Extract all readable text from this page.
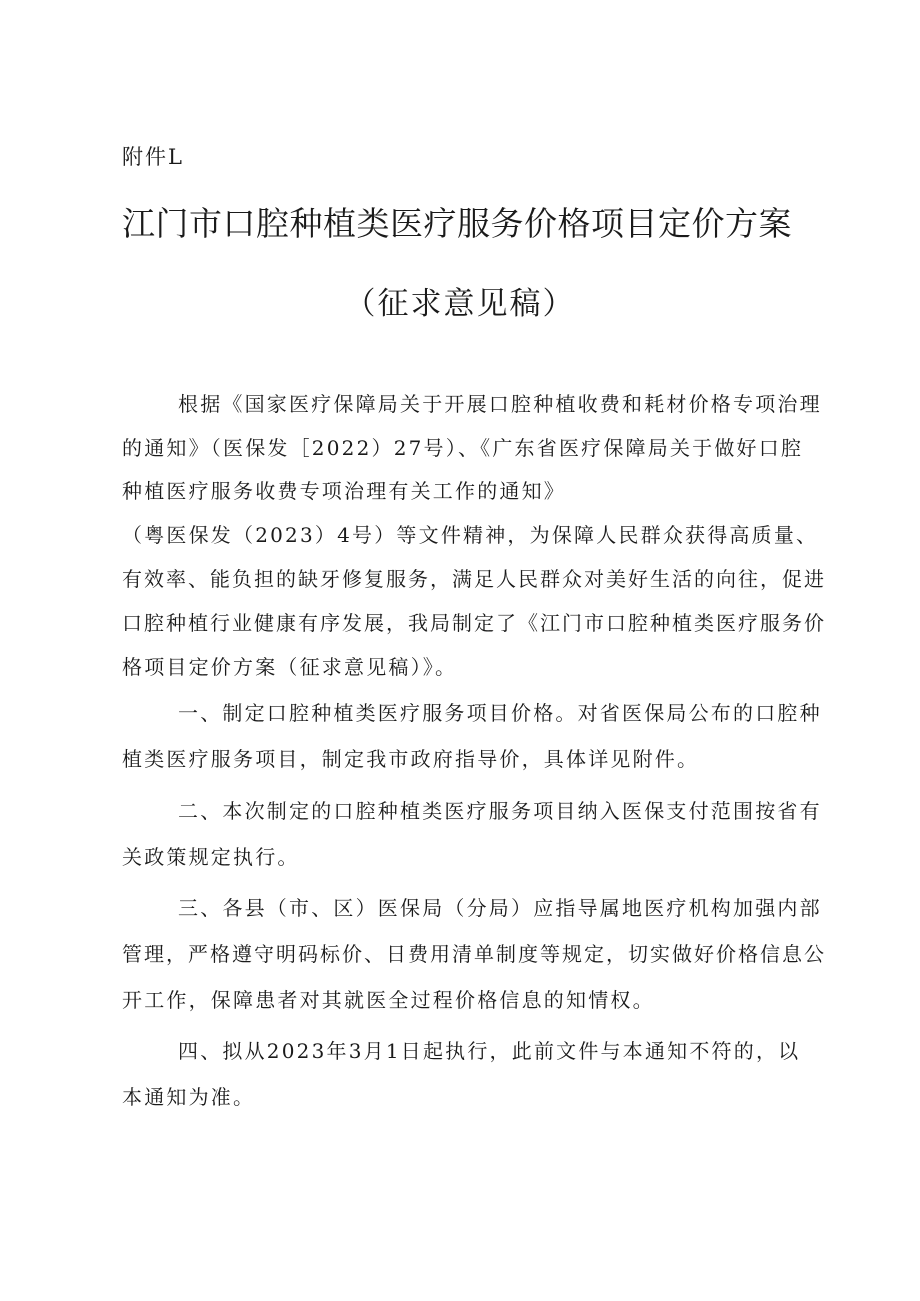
附件L
江门市口腔种植类医疗服务价格项目定价方案
（征求意见稿）
根据《国家医疗保障局关于开展口腔种植收费和耗材价格专项治理
的通知》（医保发［2022）27号）、《广东省医疗保障局关于做好口腔
种植医疗服务收费专项治理有关工作的通知》
（粤医保发（2023）4号）等文件精神，为保障人民群众获得高质量、
有效率、能负担的缺牙修复服务，满足人民群众对美好生活的向往，促进
口腔种植行业健康有序发展，我局制定了《江门市口腔种植类医疗服务价
格项目定价方案（征求意见稿）》。
一、制定口腔种植类医疗服务项目价格。对省医保局公布的口腔种
植类医疗服务项目，制定我市政府指导价，具体详见附件。
二、本次制定的口腔种植类医疗服务项目纳入医保支付范围按省有
关政策规定执行。
三、各县（市、区）医保局（分局）应指导属地医疗机构加强内部
管理，严格遵守明码标价、日费用清单制度等规定，切实做好价格信息公
开工作，保障患者对其就医全过程价格信息的知情权。
四、拟从2023年3月1日起执行，此前文件与本通知不符的，以
本通知为准。
